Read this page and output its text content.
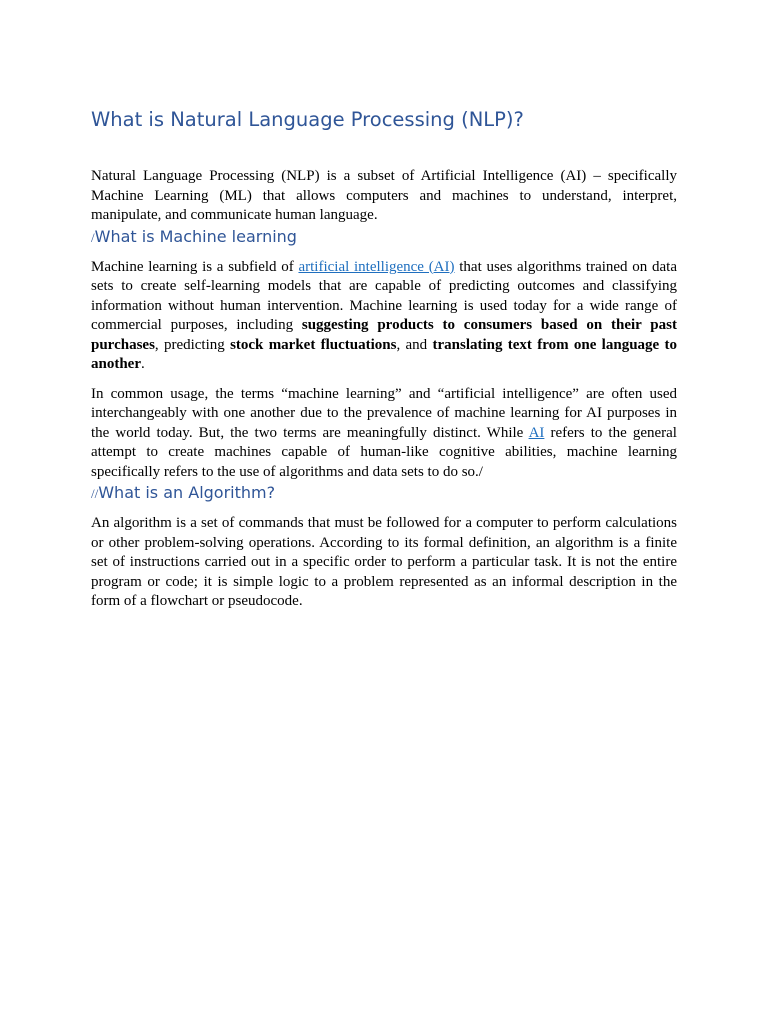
What is Natural Language Processing (NLP)?

Natural Language Processing (NLP) is a subset of Artificial Intelligence (AI) – specifically Machine Learning (ML) that allows computers and machines to understand, interpret, manipulate, and communicate human language.

/What is Machine learning

Machine learning is a subfield of artificial intelligence (AI) that uses algorithms trained on data sets to create self-learning models that are capable of predicting outcomes and classifying information without human intervention. Machine learning is used today for a wide range of commercial purposes, including suggesting products to consumers based on their past purchases, predicting stock market fluctuations, and translating text from one language to another.

In common usage, the terms “machine learning” and “artificial intelligence” are often used interchangeably with one another due to the prevalence of machine learning for AI purposes in the world today. But, the two terms are meaningfully distinct. While AI refers to the general attempt to create machines capable of human-like cognitive abilities, machine learning specifically refers to the use of algorithms and data sets to do so./

//What is an Algorithm?

An algorithm is a set of commands that must be followed for a computer to perform calculations or other problem-solving operations. According to its formal definition, an algorithm is a finite set of instructions carried out in a specific order to perform a particular task. It is not the entire program or code; it is simple logic to a problem represented as an informal description in the form of a flowchart or pseudocode.
